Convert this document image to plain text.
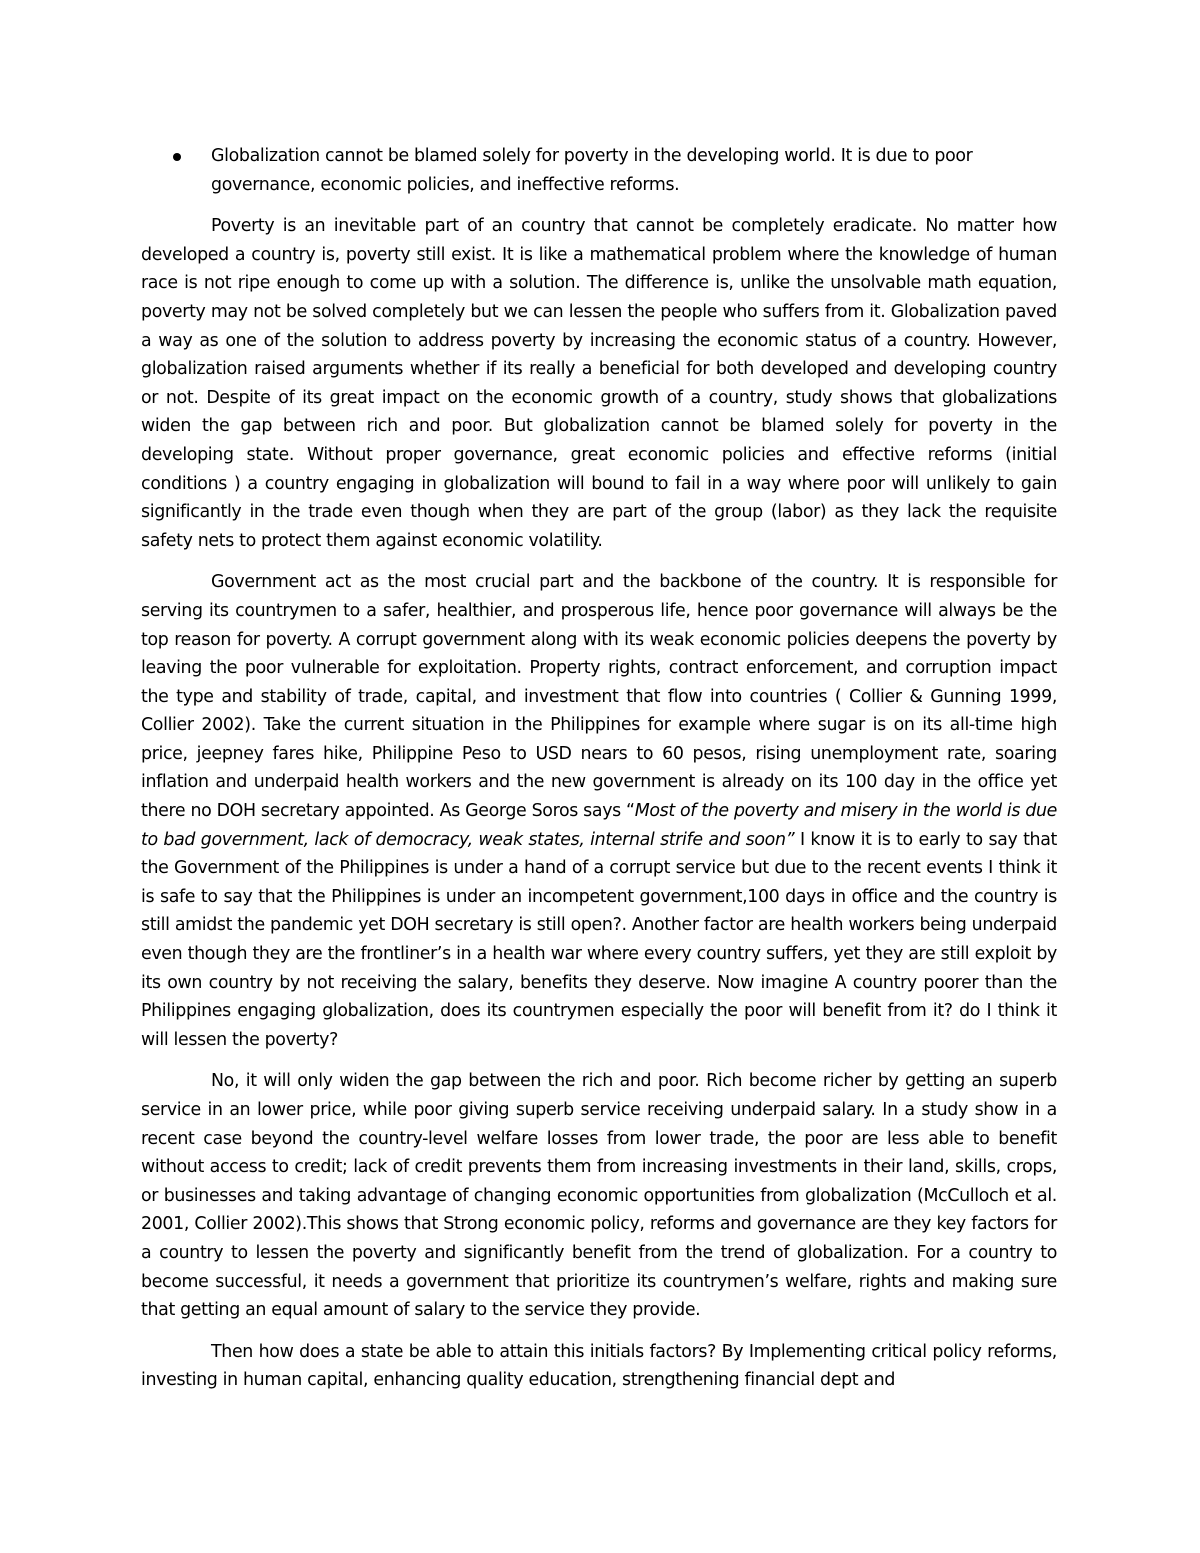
Globalization cannot be blamed solely for poverty in the developing world. It is due to poor governance, economic policies, and ineffective reforms.

Poverty is an inevitable part of an country that cannot be completely eradicate. No matter how developed a country is, poverty still exist. It is like a mathematical problem where the knowledge of human race is not ripe enough to come up with a solution. The difference is, unlike the unsolvable math equation, poverty may not be solved completely but we can lessen the people who suffers from it. Globalization paved a way as one of the solution to address poverty by increasing the economic status of a country. However, globalization raised arguments whether if its really a beneficial for both developed and developing country or not. Despite of its great impact on the economic growth of a country, study shows that globalizations widen the gap between rich and poor. But globalization cannot be blamed solely for poverty in the developing state. Without proper governance, great economic policies and effective reforms (initial conditions ) a country engaging in globalization will bound to fail in a way where poor will unlikely to gain significantly in the trade even though when they are part of the group (labor) as they lack the requisite safety nets to protect them against economic volatility.

Government act as the most crucial part and the backbone of the country. It is responsible for serving its countrymen to a safer, healthier, and prosperous life, hence poor governance will always be the top reason for poverty. A corrupt government along with its weak economic policies deepens the poverty by leaving the poor vulnerable for exploitation. Property rights, contract enforcement, and corruption impact the type and stability of trade, capital, and investment that flow into countries ( Collier & Gunning 1999, Collier 2002). Take the current situation in the Philippines for example where sugar is on its all-time high price, jeepney fares hike, Philippine Peso to USD nears to 60 pesos, rising unemployment rate, soaring inflation and underpaid health workers and the new government is already on its 100 day in the office yet there no DOH secretary appointed. As George Soros says “Most of the poverty and misery in the world is due to bad government, lack of democracy, weak states, internal strife and soon” I know it is to early to say that the Government of the Philippines is under a hand of a corrupt service but due to the recent events I think it is safe to say that the Philippines is under an incompetent government,100 days in office and the country is still amidst the pandemic yet DOH secretary is still open?. Another factor are health workers being underpaid even though they are the frontliner’s in a health war where every country suffers, yet they are still exploit by its own country by not receiving the salary, benefits they deserve. Now imagine A country poorer than the Philippines engaging globalization, does its countrymen especially the poor will benefit from it? do I think it will lessen the poverty?

No, it will only widen the gap between the rich and poor. Rich become richer by getting an superb service in an lower price, while poor giving superb service receiving underpaid salary. In a study show in a recent case beyond the country-level welfare losses from lower trade, the poor are less able to benefit without access to credit; lack of credit prevents them from increasing investments in their land, skills, crops, or businesses and taking advantage of changing economic opportunities from globalization (McCulloch et al. 2001, Collier 2002).This shows that Strong economic policy, reforms and governance are they key factors for a country to lessen the poverty and significantly benefit from the trend of globalization. For a country to become successful, it needs a government that prioritize its countrymen’s welfare, rights and making sure that getting an equal amount of salary to the service they provide.

Then how does a state be able to attain this initials factors? By Implementing critical policy reforms, investing in human capital, enhancing quality education, strengthening financial dept and
